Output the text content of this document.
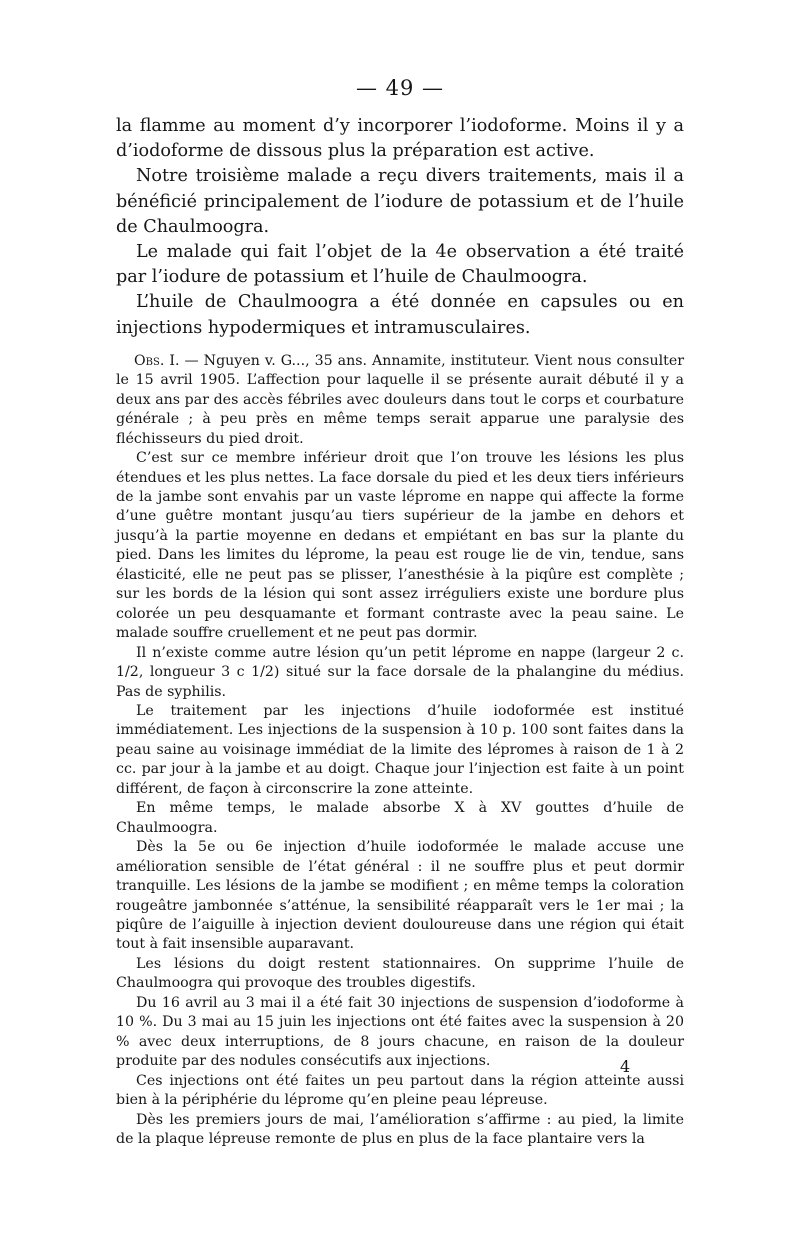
— 49 —

la flamme au moment d’y incorporer l’iodoforme. Moins il y a d’iodoforme de dissous plus la préparation est active.

Notre troisième malade a reçu divers traitements, mais il a bénéficié principalement de l’iodure de potassium et de l’huile de Chaulmoogra.

Le malade qui fait l’objet de la 4e observation a été traité par l’iodure de potassium et l’huile de Chaulmoogra.

L’huile de Chaulmoogra a été donnée en capsules ou en injections hypodermiques et intramusculaires.

Obs. I. — Nguyen v. G..., 35 ans. Annamite, instituteur. Vient nous consulter le 15 avril 1905. L’affection pour laquelle il se présente aurait débuté il y a deux ans par des accès fébriles avec douleurs dans tout le corps et courbature générale ; à peu près en même temps serait apparue une paralysie des fléchisseurs du pied droit.

C’est sur ce membre inférieur droit que l’on trouve les lésions les plus étendues et les plus nettes. La face dorsale du pied et les deux tiers inférieurs de la jambe sont envahis par un vaste léprome en nappe qui affecte la forme d’une guêtre montant jusqu’au tiers supérieur de la jambe en dehors et jusqu’à la partie moyenne en dedans et empiétant en bas sur la plante du pied. Dans les limites du léprome, la peau est rouge lie de vin, tendue, sans élasticité, elle ne peut pas se plisser, l’anesthésie à la piqûre est complète ; sur les bords de la lésion qui sont assez irréguliers existe une bordure plus colorée un peu desquamante et formant contraste avec la peau saine. Le malade souffre cruellement et ne peut pas dormir.

Il n’existe comme autre lésion qu’un petit léprome en nappe (largeur 2 c. 1/2, longueur 3 c 1/2) situé sur la face dorsale de la phalangine du médius. Pas de syphilis.

Le traitement par les injections d’huile iodoformée est institué immédiatement. Les injections de la suspension à 10 p. 100 sont faites dans la peau saine au voisinage immédiat de la limite des lépromes à raison de 1 à 2 cc. par jour à la jambe et au doigt. Chaque jour l’injection est faite à un point différent, de façon à circonscrire la zone atteinte.

En même temps, le malade absorbe X à XV gouttes d’huile de Chaulmoogra.

Dès la 5e ou 6e injection d’huile iodoformée le malade accuse une amélioration sensible de l’état général : il ne souffre plus et peut dormir tranquille. Les lésions de la jambe se modifient ; en même temps la coloration rougeâtre jambonnée s’atténue, la sensibilité réapparaît vers le 1er mai ; la piqûre de l’aiguille à injection devient douloureuse dans une région qui était tout à fait insensible auparavant.

Les lésions du doigt restent stationnaires. On supprime l’huile de Chaulmoogra qui provoque des troubles digestifs.

Du 16 avril au 3 mai il a été fait 30 injections de suspension d’iodoforme à 10 %. Du 3 mai au 15 juin les injections ont été faites avec la suspension à 20 % avec deux interruptions, de 8 jours chacune, en raison de la douleur produite par des nodules consécutifs aux injections.

Ces injections ont été faites un peu partout dans la région atteinte aussi bien à la périphérie du léprome qu’en pleine peau lépreuse.

Dès les premiers jours de mai, l’amélioration s’affirme : au pied, la limite de la plaque lépreuse remonte de plus en plus de la face plantaire vers la

4
